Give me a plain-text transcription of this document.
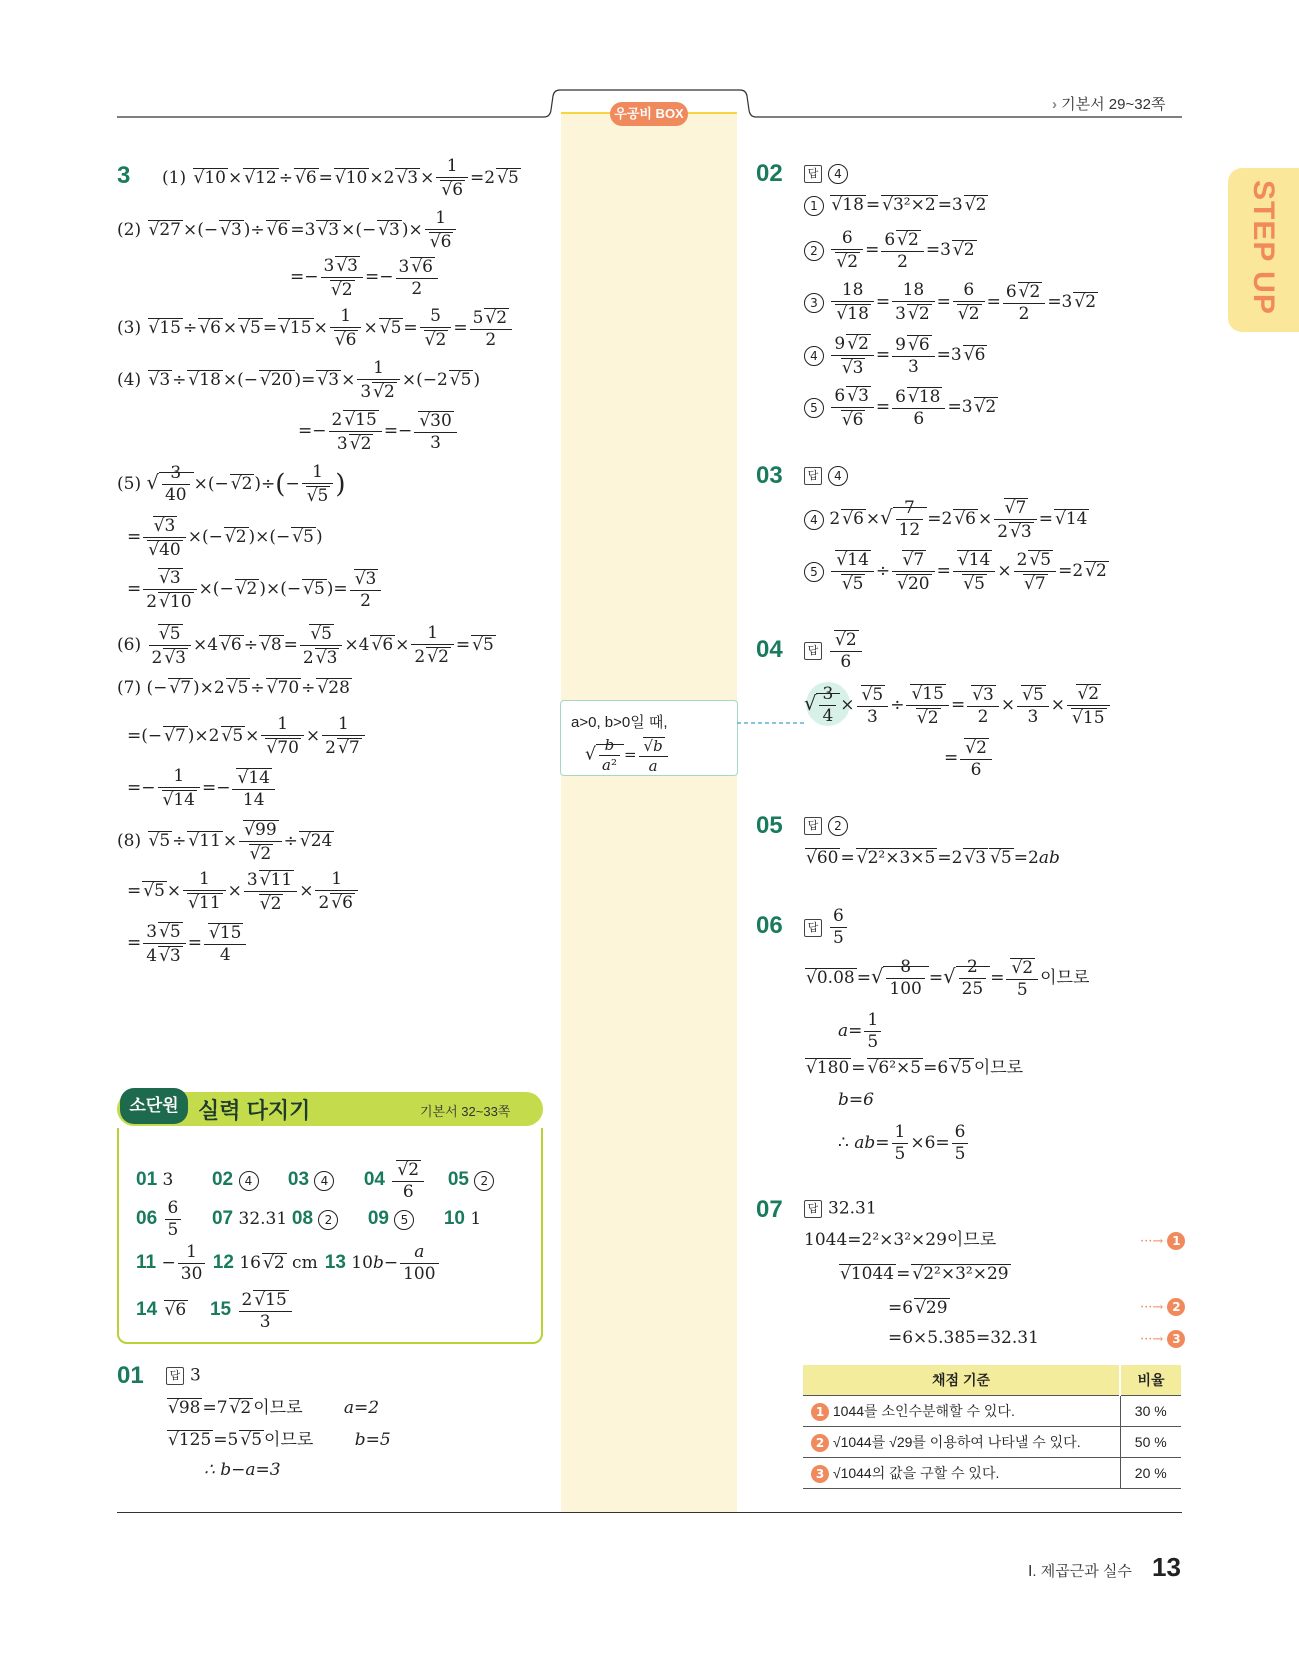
우공비 BOX
› 기본서 29~32쪽
STEP UP
3 (1) √ 10 × √ 12 ÷ √ 6 = √ 10 ×2 √ 3 × 1
√ 6 =2 √ 5
(2) √ 27 ×(− √ 3 )÷ √ 6 =3 √ 3 ×(− √ 3 )× 1
√ 6
=− 3 √ 3
√ $2 =- \frac{3 √ 6}{2}$
(3) √ 15 ÷ √ 6 × √ 5 = √ 15 × 1
√ 6 × √ 5 = 5
√ $2 = \frac{5 √ 2}{2}$
(4) √ 3 ÷ √ 18 ×(− √ 20 )= √ $3 \times \frac{1}{3 √ 2} \times(-2$ √ 5 )
=− $\frac{2 √ 15}{3 √ 2}$ =− √ $\frac{30}{3}$
(5) √ $\frac{3}{40}$ ×(− √ 2 )÷(− 1
√ 5 )
= √ 3
√ 40 ×(− √ 2 )×(− √ 5 )
= √ $\frac{3}{2 √ 10}$ ×(− √ 2 )×(− √ 5 )= √ $\frac{3}{2}$
(6) √ $\frac{5}{2 √ 3} \times 4$ √ 6 ÷ √ 8 = √ $\frac{5}{2 √ 3} \times 4$ √ $6 \times \frac{1}{2 √ 2}$ = √ 5
(7) (− √ 7 )×2 √ 5 ÷ √ 70 ÷ √ 28
=(− √ 7 )×2 √ 5 × 1
√ $70 \times \frac{1}{2 √ 7}$
=− 1
√ 14 =− √ $\frac{14}{14}$
(8) √ 5 ÷ √ 11 × √ 99
√ 2 ÷ √ 24
= √ 5 × 1
√ 11 × 3 √ 11
√ $2 \times \frac{1}{2 √ 6}$
= $\frac{3 √ 5}{4 √ 3}$ = √ $\frac{15}{4}$
소단원 실력 다지기	기본서 32~33쪽
01 3 02 4 03 4 04 √ $\frac{2}{6} 05$ 2
$06 \frac{6}{5} 07$ 32.31 08 2 09 5 10 1
$11 - \frac{1}{30} 12$ 16 √ 2 cm 13 $10b- \frac{a}{100}$
14 √ 6 $15 \frac{2 √ 15}{3}$
01	답 3
√ 98 =7 √ 2 이므로 a=2
√ 125 =5 √ 5 이므로 b=5
∴ b−a=3
a>0, b>0일 때,
√ $\frac{b}{\text{a²}}$ = √ $\frac{b}{a}$
02	답 4
1 √ 18 = √ 3²×2 =3 √ 2
2 6
√ $2 = \frac{6 √ 2}{2} =3$ √ 2
3 18
√ $18 = \frac{18}{3 √ 2} = 6$
√ $2 = \frac{6 √ 2}{2} =3$ √ 2
4 9 √ 2
√ $3 = \frac{9 √ 6}{3} =3$ √ 6
5 6 √ 3
√ $6 = \frac{6 √ 18}{6} =3$ √ 2
03	답 4
4 2 √ 6 ×√ $\frac{7}{12} =2$ √ 6 × √ $\frac{7}{2 √ 3}$ = √ 14
5 √ 14
√ 5 ÷ √ 7
√ 20 = √ 14
√ 5 × 2 √ 5
√ 7 =2 √ 2
04	답 √ $\frac{2}{6}$
√ $\frac{3}{4}$ × √ $\frac{5}{3}$ ÷ √ 15
√ 2 = √ $\frac{3}{2}$ × √ $\frac{5}{3}$ × √ 2
√ 15
= √ $\frac{2}{6}$
05	답 2
√ 60 = √ 2²×3×5 =2 √ 3 √ 5 =2ab
06	답 $\frac{6}{5}$
√ 0.08 =√ $\frac{8}{100}$ =√ $\frac{2}{25}$ = √ $\frac{2}{5}$ 이므로
$a= \frac{1}{5}$
√ 180 = √ 6²×5 =6 √ 5 이므로
b=6
∴ $ab= \frac{1}{5} \times 6= \frac{6}{5}$
07	답 32.31
1044=2²×3²×29이므로
√ 1044 = √ 2²×3²×29
=6 √ 29
=6×5.385=32.31
···→ 1
···→ 2
···→ 3
채점 기준	비율
1 1044를 소인수분해할 수 있다.	30 %
2 √1044를 √29를 이용하여 나타낼 수 있다.	50 %
3 √1044의 값을 구할 수 있다.	20 %
Ⅰ. 제곱근과 실수 13
